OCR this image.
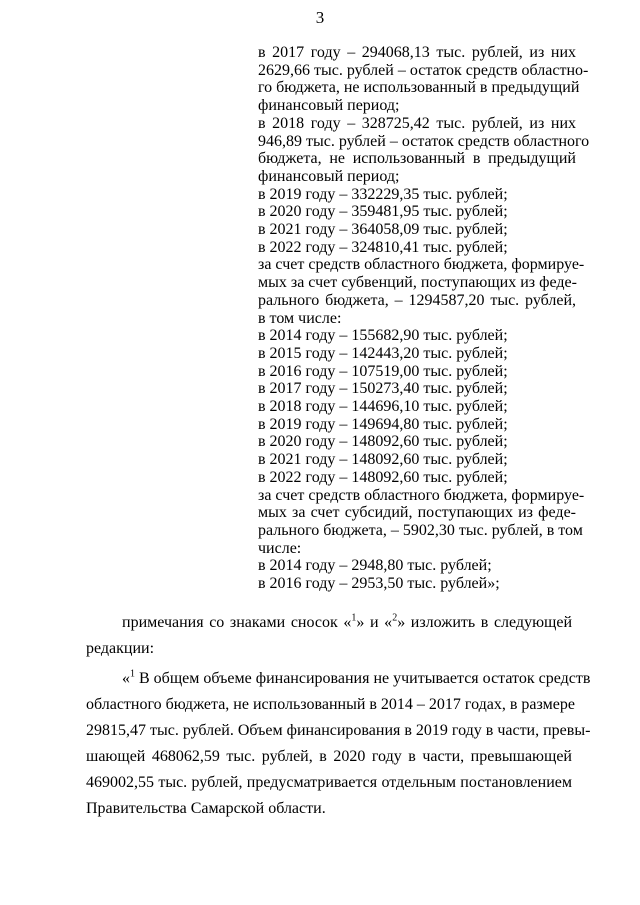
3
в 2017 году – 294068,13 тыс. рублей, из них
2629,66 тыс. рублей – остаток средств областно-
го бюджета, не использованный в предыдущий
финансовый период;
в 2018 году – 328725,42 тыс. рублей, из них
946,89 тыс. рублей – остаток средств областного
бюджета, не использованный в предыдущий
финансовый период;
в 2019 году – 332229,35 тыс. рублей;
в 2020 году – 359481,95 тыс. рублей;
в 2021 году – 364058,09 тыс. рублей;
в 2022 году – 324810,41 тыс. рублей;
за счет средств областного бюджета, формируе-
мых за счет субвенций, поступающих из феде-
рального бюджета, – 1294587,20 тыс. рублей,
в том числе:
в 2014 году – 155682,90 тыс. рублей;
в 2015 году – 142443,20 тыс. рублей;
в 2016 году – 107519,00 тыс. рублей;
в 2017 году – 150273,40 тыс. рублей;
в 2018 году – 144696,10 тыс. рублей;
в 2019 году – 149694,80 тыс. рублей;
в 2020 году – 148092,60 тыс. рублей;
в 2021 году – 148092,60 тыс. рублей;
в 2022 году – 148092,60 тыс. рублей;
за счет средств областного бюджета, формируе-
мых за счет субсидий, поступающих из феде-
рального бюджета, – 5902,30 тыс. рублей, в том
числе:
в 2014 году – 2948,80 тыс. рублей;
в 2016 году – 2953,50 тыс. рублей»;
примечания со знаками сносок «$^1$» и «$^2$» изложить в следующей
редакции:
«$^1$ В общем объеме финансирования не учитывается остаток средств
областного бюджета, не использованный в 2014 – 2017 годах, в размере
29815,47 тыс. рублей. Объем финансирования в 2019 году в части, превы-
шающей 468062,59 тыс. рублей, в 2020 году в части, превышающей
469002,55 тыс. рублей, предусматривается отдельным постановлением
Правительства Самарской области.
